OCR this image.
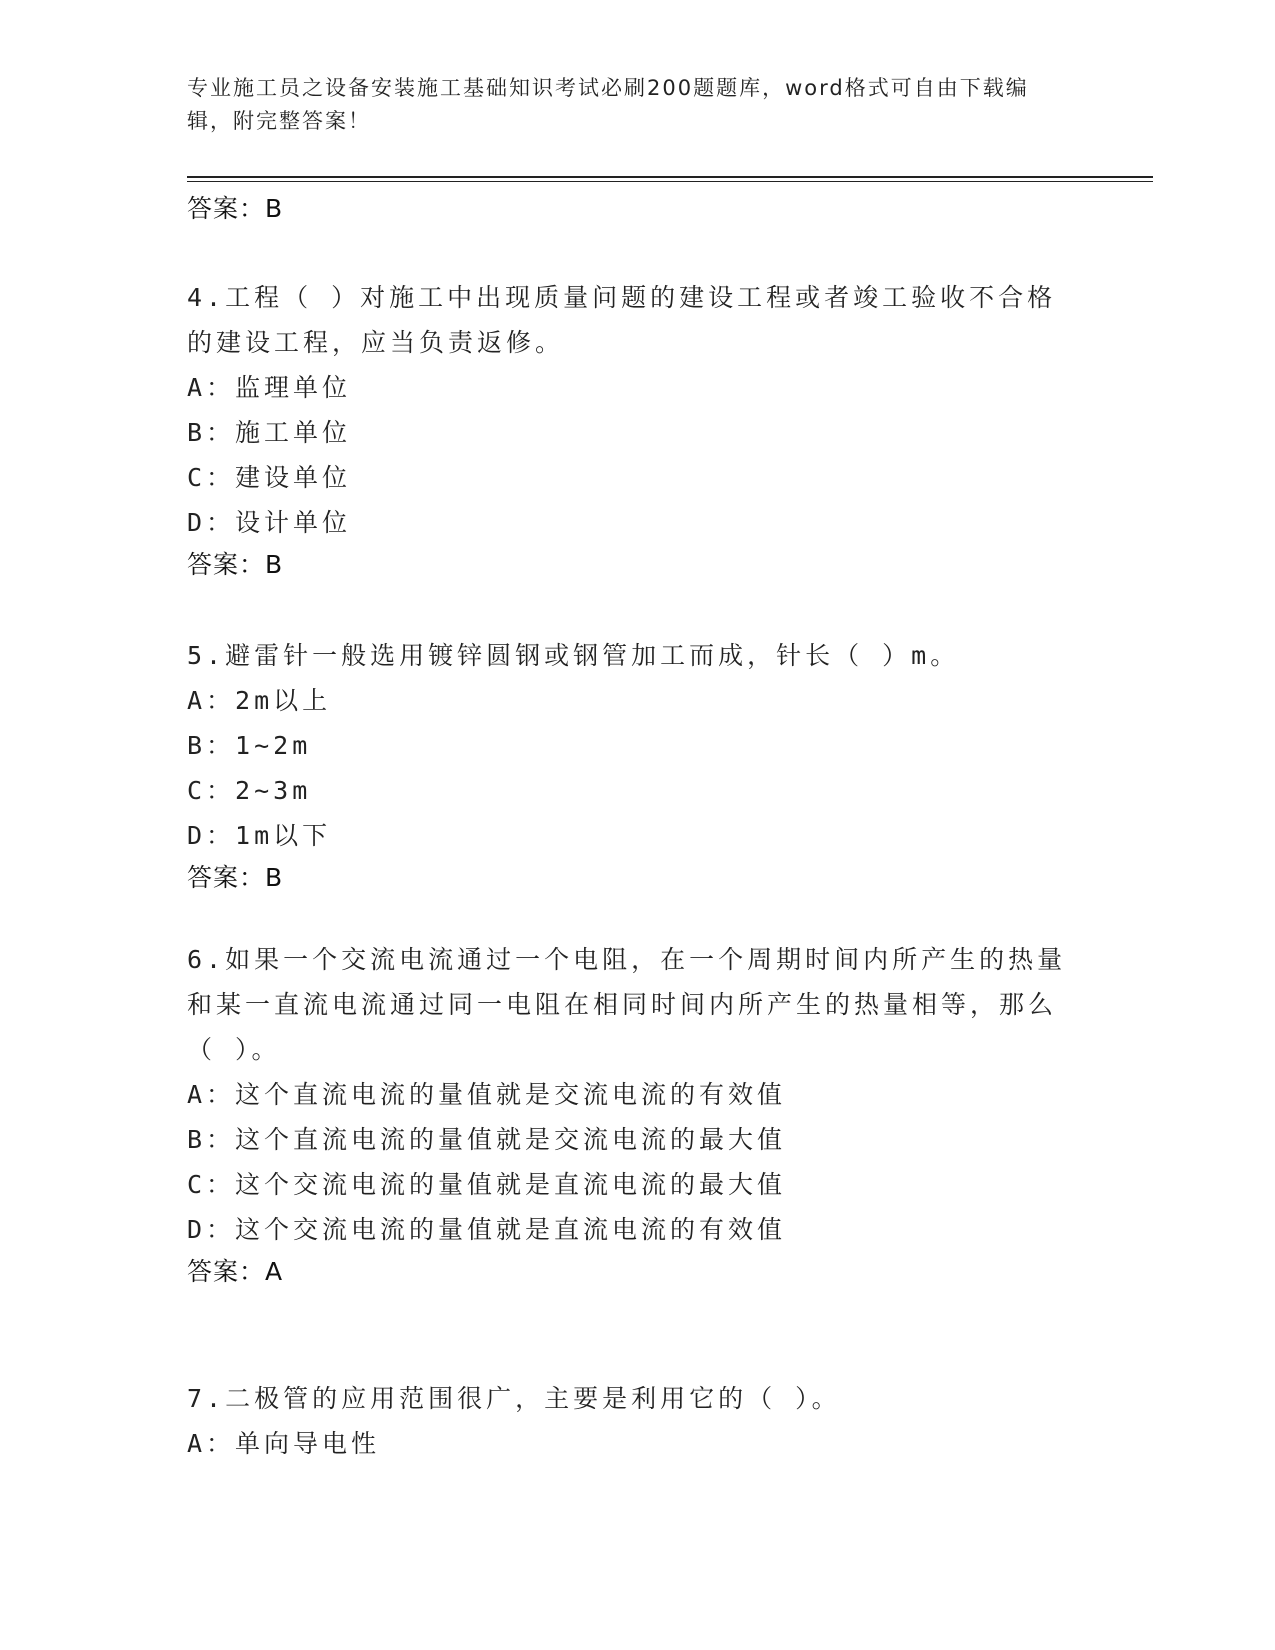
专业施工员之设备安装施工基础知识考试必刷200题题库，word格式可自由下载编辑，附完整答案！
答案：B
4.工程（ ）对施工中出现质量问题的建设工程或者竣工验收不合格的建设工程，应当负责返修。
A：监理单位
B：施工单位
C：建设单位
D：设计单位
答案：B
5.避雷针一般选用镀锌圆钢或钢管加工而成，针长（ ）m。
A：2m以上
B：1~2m
C：2~3m
D：1m以下
答案：B
6.如果一个交流电流通过一个电阻，在一个周期时间内所产生的热量和某一直流电流通过同一电阻在相同时间内所产生的热量相等，那么（ ）。
A：这个直流电流的量值就是交流电流的有效值
B：这个直流电流的量值就是交流电流的最大值
C：这个交流电流的量值就是直流电流的最大值
D：这个交流电流的量值就是直流电流的有效值
答案：A
7.二极管的应用范围很广，主要是利用它的（ ）。
A：单向导电性
